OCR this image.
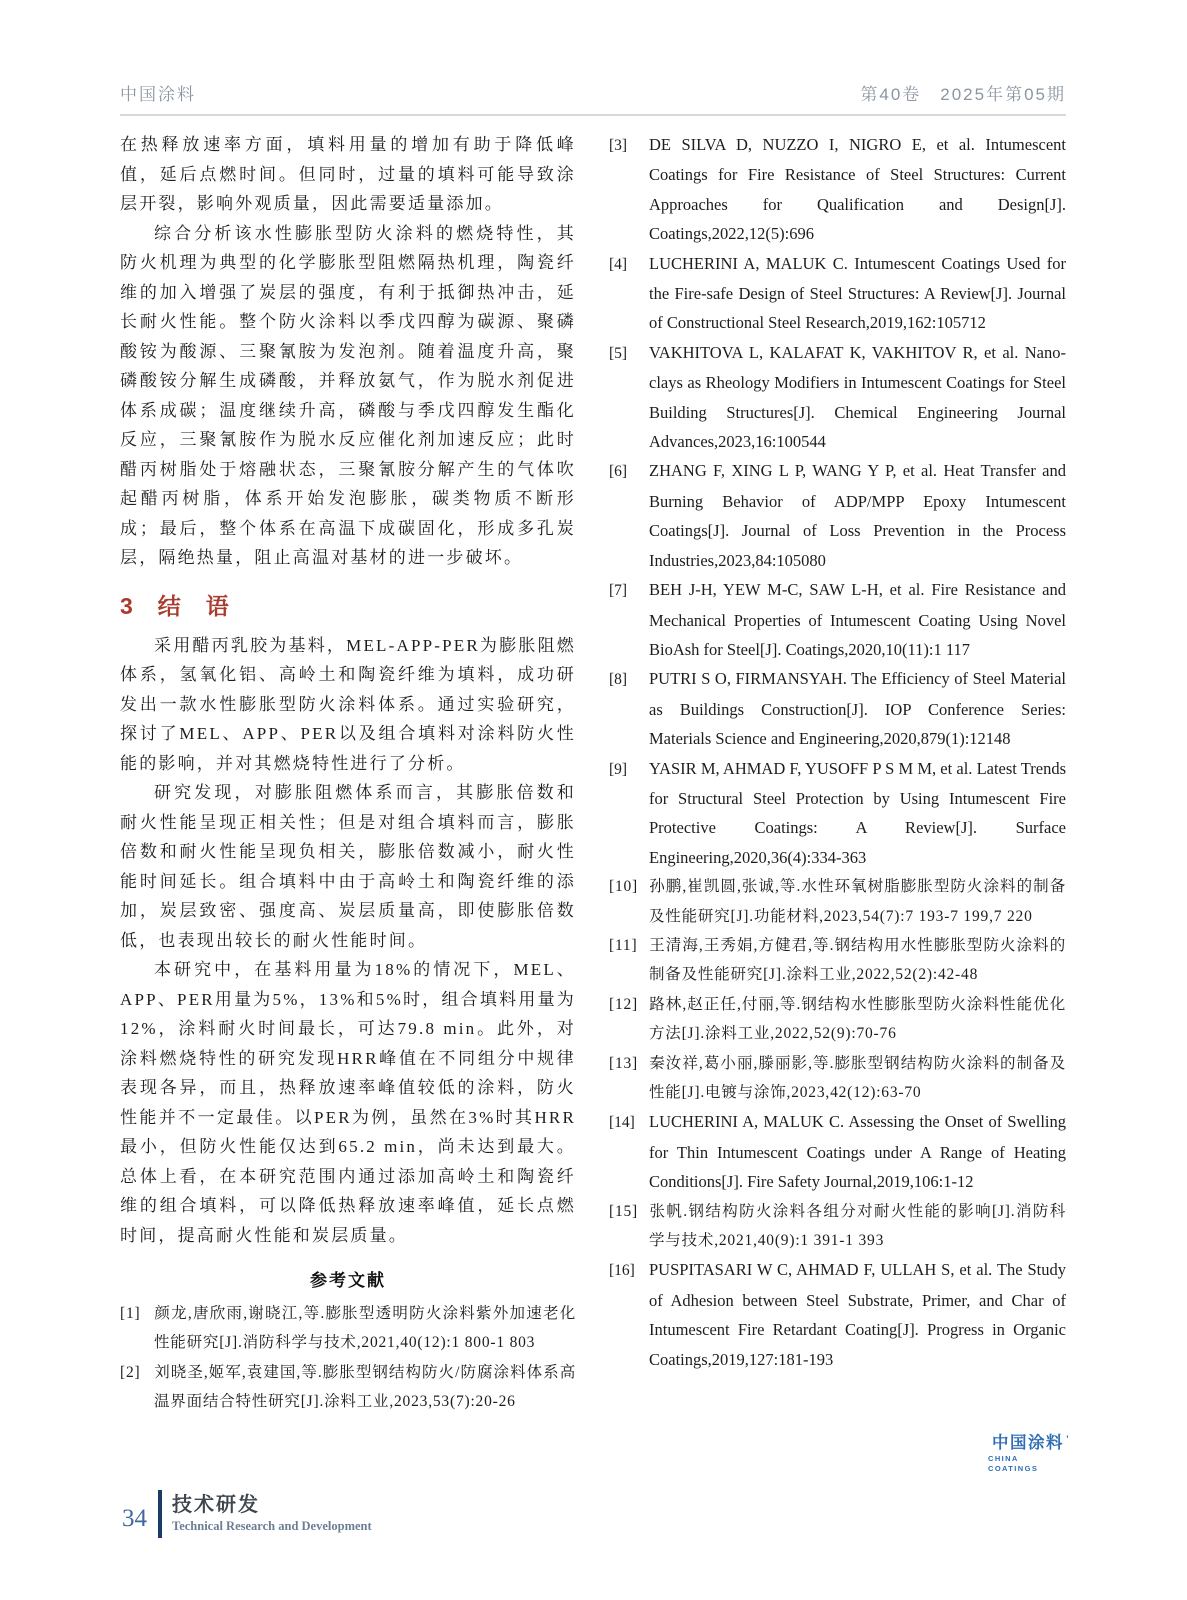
中国涂料	第40卷　2025年第05期

在热释放速率方面，填料用量的增加有助于降低峰值，延后点燃时间。但同时，过量的填料可能导致涂层开裂，影响外观质量，因此需要适量添加。

综合分析该水性膨胀型防火涂料的燃烧特性，其防火机理为典型的化学膨胀型阻燃隔热机理，陶瓷纤维的加入增强了炭层的强度，有利于抵御热冲击，延长耐火性能。整个防火涂料以季戊四醇为碳源、聚磷酸铵为酸源、三聚氰胺为发泡剂。随着温度升高，聚磷酸铵分解生成磷酸，并释放氨气，作为脱水剂促进体系成碳；温度继续升高，磷酸与季戊四醇发生酯化反应，三聚氰胺作为脱水反应催化剂加速反应；此时醋丙树脂处于熔融状态，三聚氰胺分解产生的气体吹起醋丙树脂，体系开始发泡膨胀，碳类物质不断形成；最后，整个体系在高温下成碳固化，形成多孔炭层，隔绝热量，阻止高温对基材的进一步破坏。

3　结　语

采用醋丙乳胶为基料，MEL-APP-PER为膨胀阻燃体系，氢氧化铝、高岭土和陶瓷纤维为填料，成功研发出一款水性膨胀型防火涂料体系。通过实验研究，探讨了MEL、APP、PER以及组合填料对涂料防火性能的影响，并对其燃烧特性进行了分析。

研究发现，对膨胀阻燃体系而言，其膨胀倍数和耐火性能呈现正相关性；但是对组合填料而言，膨胀倍数和耐火性能呈现负相关，膨胀倍数减小，耐火性能时间延长。组合填料中由于高岭土和陶瓷纤维的添加，炭层致密、强度高、炭层质量高，即使膨胀倍数低，也表现出较长的耐火性能时间。

本研究中，在基料用量为18%的情况下，MEL、APP、PER用量为5%，13%和5%时，组合填料用量为12%，涂料耐火时间最长，可达79.8 min。此外，对涂料燃烧特性的研究发现HRR峰值在不同组分中规律表现各异，而且，热释放速率峰值较低的涂料，防火性能并不一定最佳。以PER为例，虽然在3%时其HRR最小，但防火性能仅达到65.2 min，尚未达到最大。总体上看，在本研究范围内通过添加高岭土和陶瓷纤维的组合填料，可以降低热释放速率峰值，延长点燃时间，提高耐火性能和炭层质量。

参考文献
[1] 颜龙,唐欣雨,谢晓江,等.膨胀型透明防火涂料紫外加速老化性能研究[J].消防科学与技术,2021,40(12):1 800-1 803
[2] 刘晓圣,姬军,袁建国,等.膨胀型钢结构防火/防腐涂料体系高温界面结合特性研究[J].涂料工业,2023,53(7):20-26
[3] DE SILVA D, NUZZO I, NIGRO E, et al. Intumescent Coatings for Fire Resistance of Steel Structures: Current Approaches for Qualification and Design[J]. Coatings,2022,12(5):696
[4] LUCHERINI A, MALUK C. Intumescent Coatings Used for the Fire-safe Design of Steel Structures: A Review[J]. Journal of Constructional Steel Research,2019,162:105712
[5] VAKHITOVA L, KALAFAT K, VAKHITOV R, et al. Nano-clays as Rheology Modifiers in Intumescent Coatings for Steel Building Structures[J]. Chemical Engineering Journal Advances,2023,16:100544
[6] ZHANG F, XING L P, WANG Y P, et al. Heat Transfer and Burning Behavior of ADP/MPP Epoxy Intumescent Coatings[J]. Journal of Loss Prevention in the Process Industries,2023,84:105080
[7] BEH J-H, YEW M-C, SAW L-H, et al. Fire Resistance and Mechanical Properties of Intumescent Coating Using Novel BioAsh for Steel[J]. Coatings,2020,10(11):1 117
[8] PUTRI S O, FIRMANSYAH. The Efficiency of Steel Material as Buildings Construction[J]. IOP Conference Series: Materials Science and Engineering,2020,879(1):12148
[9] YASIR M, AHMAD F, YUSOFF P S M M, et al. Latest Trends for Structural Steel Protection by Using Intumescent Fire Protective Coatings: A Review[J]. Surface Engineering,2020,36(4):334-363
[10] 孙鹏,崔凯圆,张诚,等.水性环氧树脂膨胀型防火涂料的制备及性能研究[J].功能材料,2023,54(7):7 193-7 199,7 220
[11] 王清海,王秀娟,方健君,等.钢结构用水性膨胀型防火涂料的制备及性能研究[J].涂料工业,2022,52(2):42-48
[12] 路林,赵正任,付丽,等.钢结构水性膨胀型防火涂料性能优化方法[J].涂料工业,2022,52(9):70-76
[13] 秦汝祥,葛小丽,滕丽影,等.膨胀型钢结构防火涂料的制备及性能[J].电镀与涂饰,2023,42(12):63-70
[14] LUCHERINI A, MALUK C. Assessing the Onset of Swelling for Thin Intumescent Coatings under A Range of Heating Conditions[J]. Fire Safety Journal,2019,106:1-12
[15] 张帆.钢结构防火涂料各组分对耐火性能的影响[J].消防科学与技术,2021,40(9):1 391-1 393
[16] PUSPITASARI W C, AHMAD F, ULLAH S, et al. The Study of Adhesion between Steel Substrate, Primer, and Char of Intumescent Fire Retardant Coating[J]. Progress in Organic Coatings,2019,127:181-193
34 技术研发
Technical Research and Development
中国涂料 '
CHINA COATINGS
